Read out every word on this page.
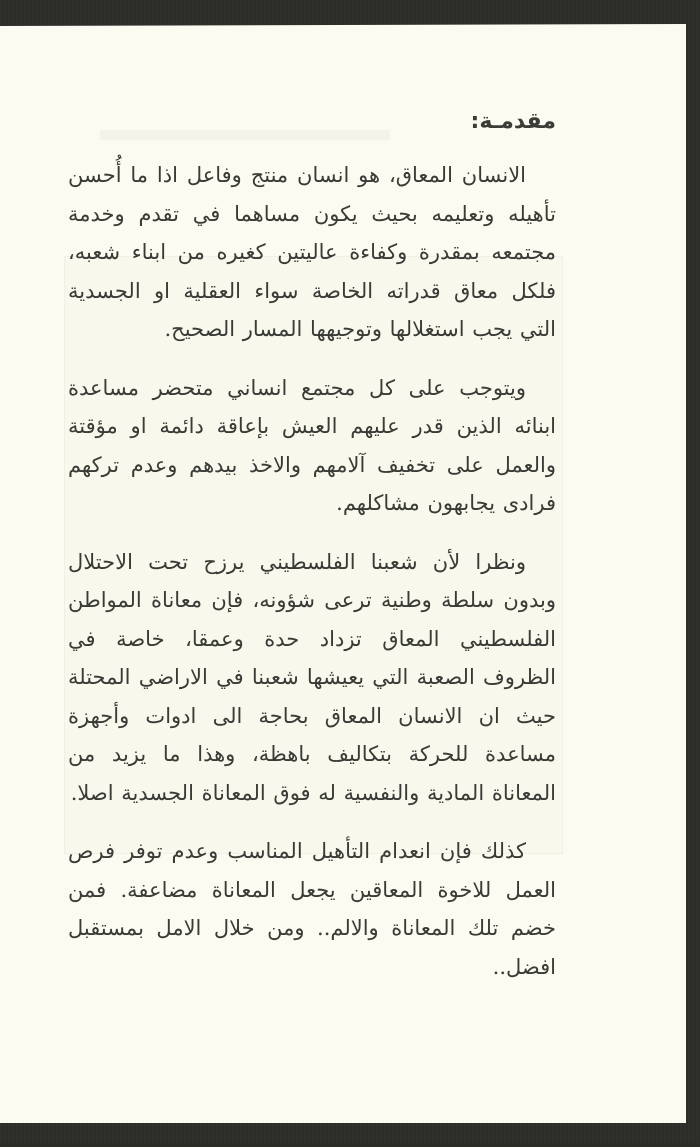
مقدمـة:

الانسان المعاق، هو انسان منتج وفاعل اذا ما أُحسن تأهيله وتعليمه بحيث يكون مساهما في تقدم وخدمة مجتمعه بمقدرة وكفاءة عاليتين كغيره من ابناء شعبه، فلكل معاق قدراته الخاصة سواء العقلية او الجسدية التي يجب استغلالها وتوجيهها المسار الصحيح.

ويتوجب على كل مجتمع انساني متحضر مساعدة ابنائه الذين قدر عليهم العيش بإعاقة دائمة او مؤقتة والعمل على تخفيف آلامهم والاخذ بيدهم وعدم تركهم فرادى يجابهون مشاكلهم.

ونظرا لأن شعبنا الفلسطيني يرزح تحت الاحتلال وبدون سلطة وطنية ترعى شؤونه، فإن معاناة المواطن الفلسطيني المعاق تزداد حدة وعمقا، خاصة في الظروف الصعبة التي يعيشها شعبنا في الاراضي المحتلة حيث ان الانسان المعاق بحاجة الى ادوات وأجهزة مساعدة للحركة بتكاليف باهظة، وهذا ما يزيد من المعاناة المادية والنفسية له فوق المعاناة الجسدية اصلا.

كذلك فإن انعدام التأهيل المناسب وعدم توفر فرص العمل للاخوة المعاقين يجعل المعاناة مضاعفة. فمن خضم تلك المعاناة والالم.. ومن خلال الامل بمستقبل افضل..
